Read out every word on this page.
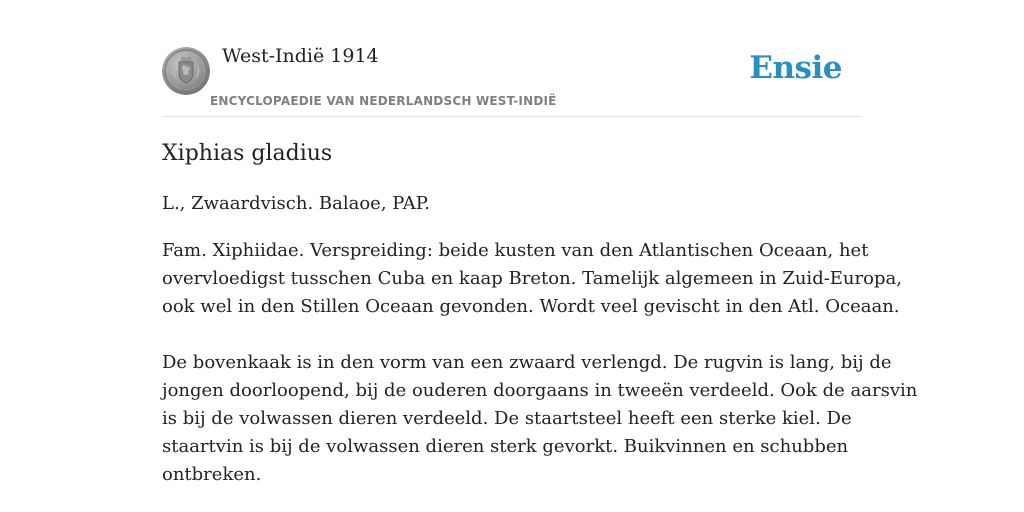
West-Indië 1914
ENCYCLOPAEDIE VAN NEDERLANDSCH WEST-INDIË
Ensie
Xiphias gladius

L., Zwaardvisch. Balaoe, PAP.

Fam. Xiphiidae. Verspreiding: beide kusten van den Atlantischen Oceaan, het
overvloedigst tusschen Cuba en kaap Breton. Tamelijk algemeen in Zuid-Europa,
ook wel in den Stillen Oceaan gevonden. Wordt veel gevischt in den Atl. Oceaan.

De bovenkaak is in den vorm van een zwaard verlengd. De rugvin is lang, bij de
jongen doorloopend, bij de ouderen doorgaans in tweeën verdeeld. Ook de aarsvin
is bij de volwassen dieren verdeeld. De staartsteel heeft een sterke kiel. De
staartvin is bij de volwassen dieren sterk gevorkt. Buikvinnen en schubben
ontbreken.
